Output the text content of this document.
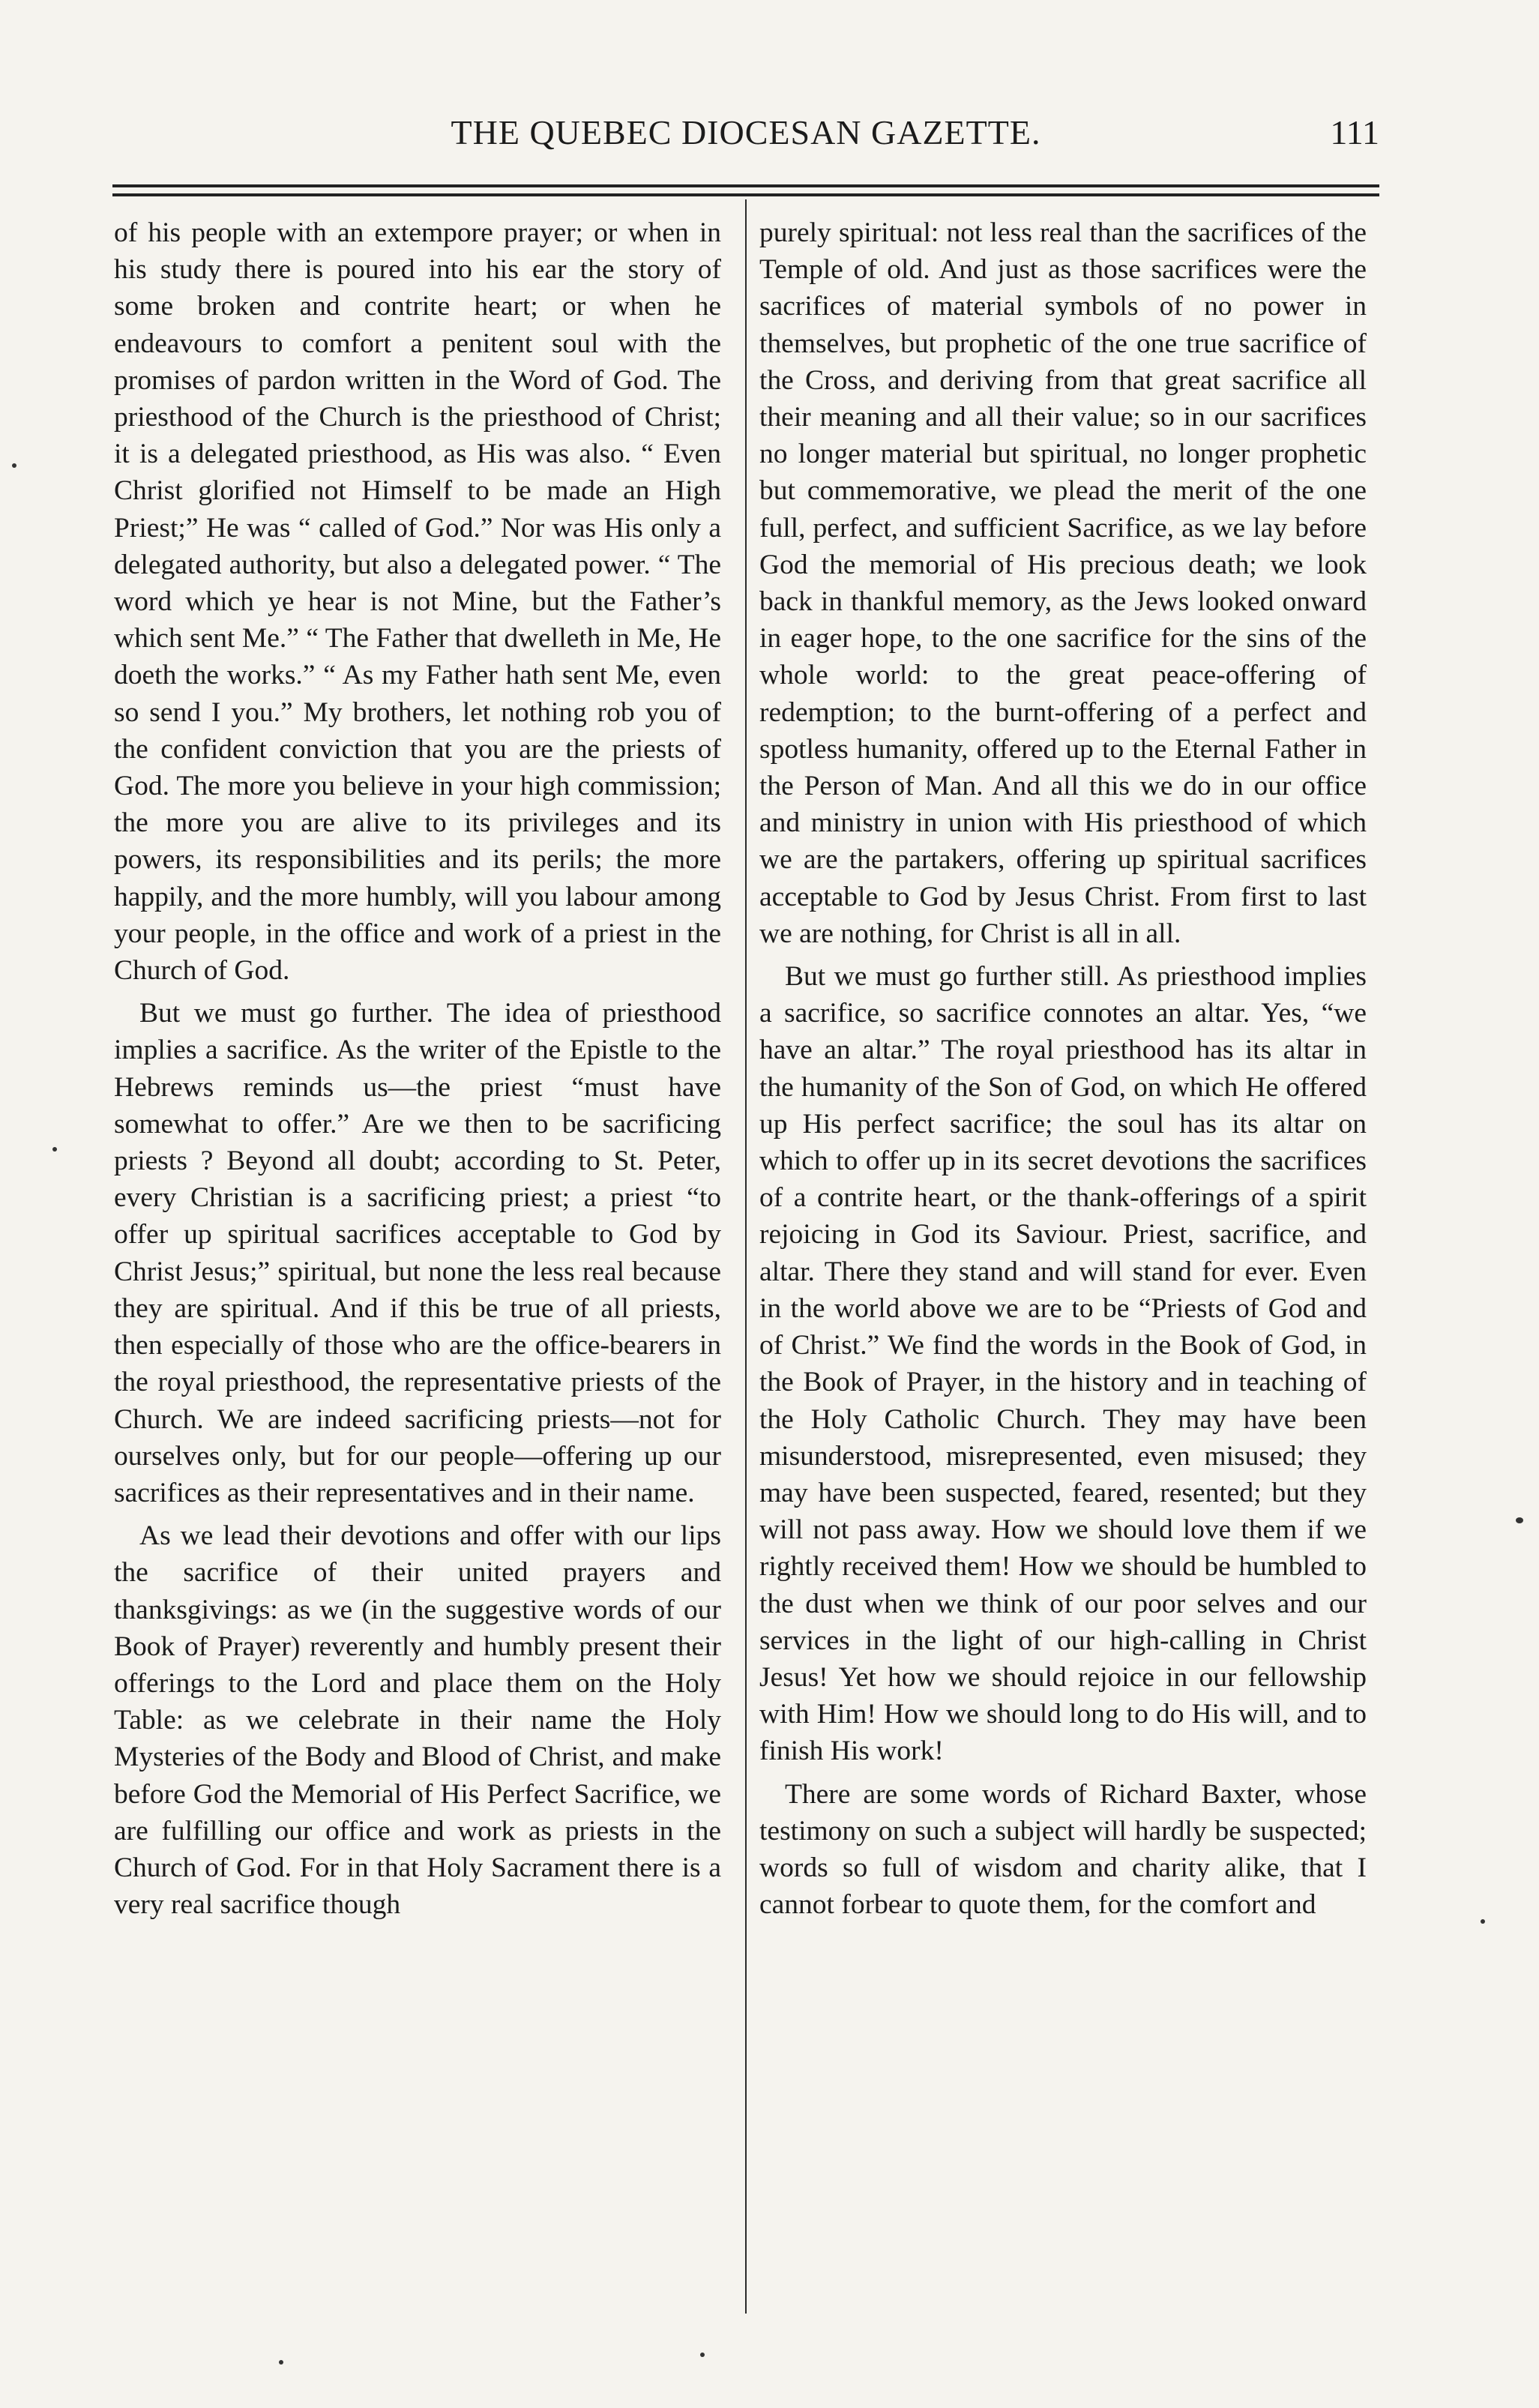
THE QUEBEC DIOCESAN GAZETTE.	111

of his people with an extempore prayer; or when in his study there is poured into his ear the story of some broken and contrite heart; or when he endeavours to comfort a penitent soul with the promises of pardon written in the Word of God. The priesthood of the Church is the priesthood of Christ; it is a delegated priesthood, as His was also. “ Even Christ glorified not Himself to be made an High Priest;” He was “ called of God.” Nor was His only a delegated authority, but also a delegated power. “ The word which ye hear is not Mine, but the Father’s which sent Me.” “ The Father that dwelleth in Me, He doeth the works.” “ As my Father hath sent Me, even so send I you.” My brothers, let nothing rob you of the confident conviction that you are the priests of God. The more you believe in your high commission; the more you are alive to its privileges and its powers, its responsibilities and its perils; the more happily, and the more humbly, will you labour among your people, in the office and work of a priest in the Church of God.

But we must go further. The idea of priesthood implies a sacrifice. As the writer of the Epistle to the Hebrews reminds us—the priest “must have somewhat to offer.” Are we then to be sacrificing priests ? Beyond all doubt; according to St. Peter, every Christian is a sacrificing priest; a priest “to offer up spiritual sacrifices acceptable to God by Christ Jesus;” spiritual, but none the less real because they are spiritual. And if this be true of all priests, then especially of those who are the office-bearers in the royal priesthood, the representative priests of the Church. We are indeed sacrificing priests—not for ourselves only, but for our people—offering up our sacrifices as their representatives and in their name.

As we lead their devotions and offer with our lips the sacrifice of their united prayers and thanksgivings: as we (in the suggestive words of our Book of Prayer) reverently and humbly present their offerings to the Lord and place them on the Holy Table: as we celebrate in their name the Holy Mysteries of the Body and Blood of Christ, and make before God the Memorial of His Perfect Sacrifice, we are fulfilling our office and work as priests in the Church of God. For in that Holy Sacrament there is a very real sacrifice though

purely spiritual: not less real than the sacrifices of the Temple of old. And just as those sacrifices were the sacrifices of material symbols of no power in themselves, but prophetic of the one true sacrifice of the Cross, and deriving from that great sacrifice all their meaning and all their value; so in our sacrifices no longer material but spiritual, no longer prophetic but commemorative, we plead the merit of the one full, perfect, and sufficient Sacrifice, as we lay before God the memorial of His precious death; we look back in thankful memory, as the Jews looked onward in eager hope, to the one sacrifice for the sins of the whole world: to the great peace-offering of redemption; to the burnt-offering of a perfect and spotless humanity, offered up to the Eternal Father in the Person of Man. And all this we do in our office and ministry in union with His priesthood of which we are the partakers, offering up spiritual sacrifices acceptable to God by Jesus Christ. From first to last we are nothing, for Christ is all in all.

But we must go further still. As priesthood implies a sacrifice, so sacrifice connotes an altar. Yes, “we have an altar.” The royal priesthood has its altar in the humanity of the Son of God, on which He offered up His perfect sacrifice; the soul has its altar on which to offer up in its secret devotions the sacrifices of a contrite heart, or the thank-offerings of a spirit rejoicing in God its Saviour. Priest, sacrifice, and altar. There they stand and will stand for ever. Even in the world above we are to be “Priests of God and of Christ.” We find the words in the Book of God, in the Book of Prayer, in the history and in teaching of the Holy Catholic Church. They may have been misunderstood, misrepresented, even misused; they may have been suspected, feared, resented; but they will not pass away. How we should love them if we rightly received them! How we should be humbled to the dust when we think of our poor selves and our services in the light of our high-calling in Christ Jesus! Yet how we should rejoice in our fellowship with Him! How we should long to do His will, and to finish His work!

There are some words of Richard Baxter, whose testimony on such a subject will hardly be suspected; words so full of wisdom and charity alike, that I cannot forbear to quote them, for the comfort and
